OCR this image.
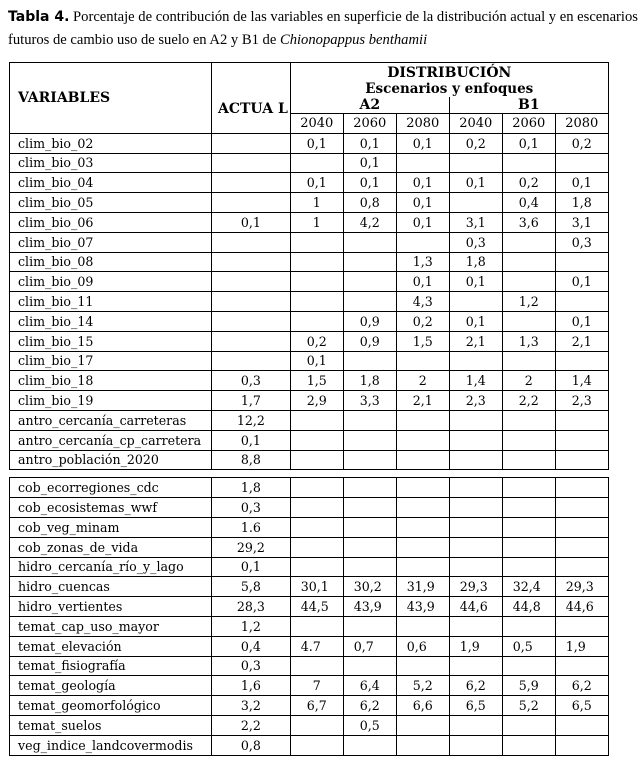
Tabla 4. Porcentaje de contribución de las variables en superficie de la distribución actual y en escenarios futuros de cambio uso de suelo en A2 y B1 de Chionopappus benthamii
VARIABLES	ACTUA L	DISTRIBUCIÓN
Escenarios y enfoques					

		A2			B1		
		2040	2060	2080	2040	2060	2080
clim_bio_02		0,1	0,1	0,1	0,2	0,1	0,2
clim_bio_03			0,1				
clim_bio_04		0,1	0,1	0,1	0,1	0,2	0,1
clim_bio_05		1	0,8	0,1		0,4	1,8
clim_bio_06	0,1	1	4,2	0,1	3,1	3,6	3,1
clim_bio_07					0,3		0,3
clim_bio_08				1,3	1,8		
clim_bio_09				0,1	0,1		0,1
clim_bio_11				4,3		1,2	
clim_bio_14			0,9	0,2	0,1		0,1
clim_bio_15		0,2	0,9	1,5	2,1	1,3	2,1
clim_bio_17		0,1					
clim_bio_18	0,3	1,5	1,8	2	1,4	2	1,4
clim_bio_19	1,7	2,9	3,3	2,1	2,3	2,2	2,3
antro_cercanía_carreteras	12,2						
antro_cercanía_cp_carretera	0,1						
antro_población_2020	8,8						

cob_ecorregiones_cdc	1,8						
cob_ecosistemas_wwf	0,3						
cob_veg_minam	1.6						
cob_zonas_de_vida	29,2						
hidro_cercanía_río_y_lago	0,1						
hidro_cuencas	5,8	30,1	30,2	31,9	29,3	32,4	29,3
hidro_vertientes	28,3	44,5	43,9	43,9	44,6	44,8	44,6
temat_cap_uso_mayor	1,2						
temat_elevación	0,4	4.7	0,7	0,6	1,9	0,5	1,9
temat_fisiografía	0,3						
temat_geología	1,6	7	6,4	5,2	6,2	5,9	6,2
temat_geomorfológico	3,2	6,7	6,2	6,6	6,5	5,2	6,5
temat_suelos	2,2		0,5				
veg_indice_landcovermodis	0,8						
